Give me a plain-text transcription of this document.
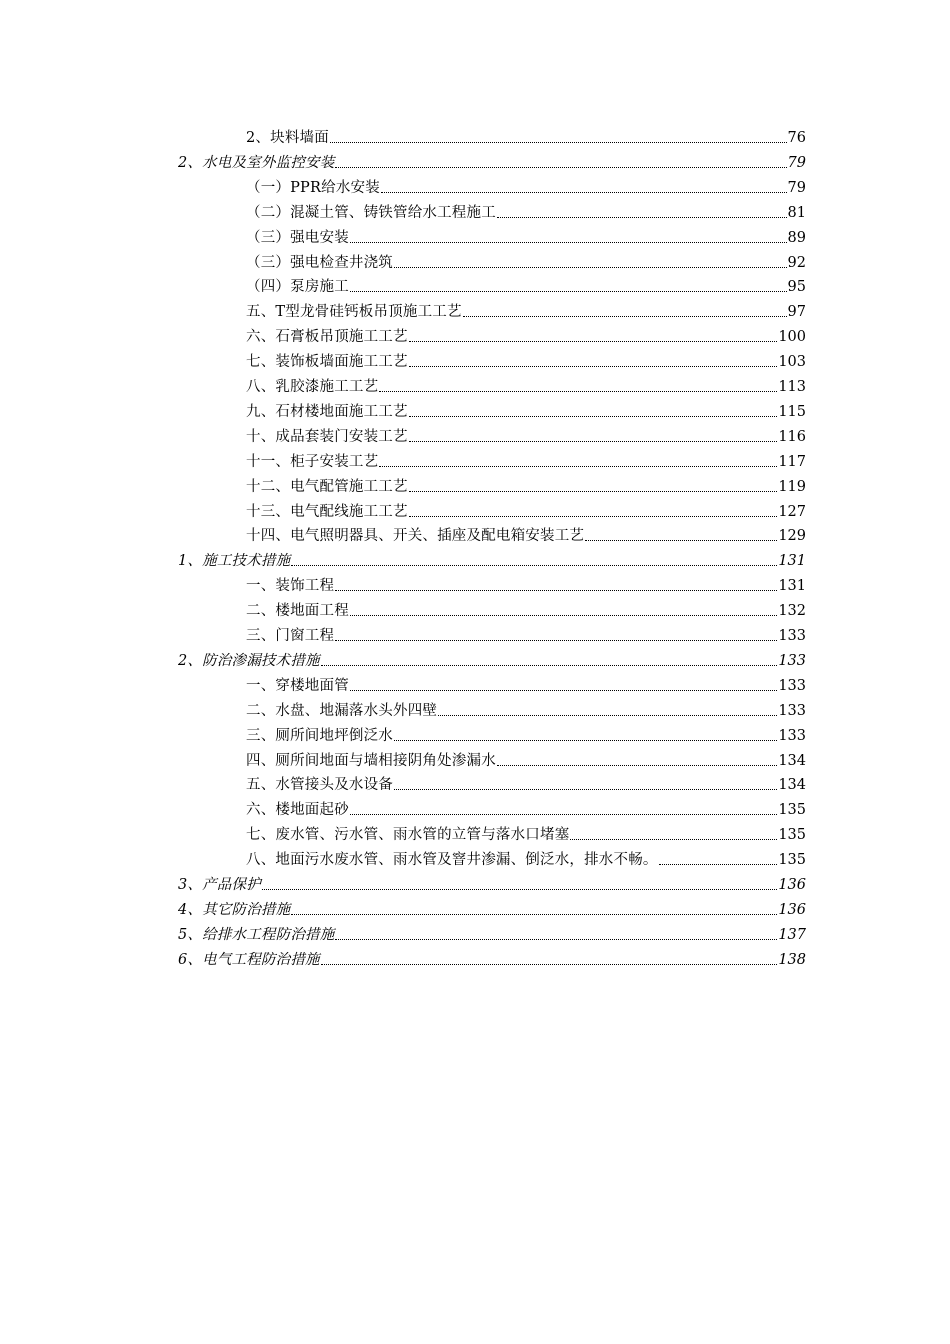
2、块料墙面	76
2、水电及室外监控安装	79
（一）PPR给水安装	79
（二）混凝土管、铸铁管给水工程施工	81
（三）强电安装	89
（三）强电检查井浇筑	92
（四）泵房施工	95
五、T型龙骨硅钙板吊顶施工工艺	97
六、石膏板吊顶施工工艺	100
七、装饰板墙面施工工艺	103
八、乳胶漆施工工艺	113
九、石材楼地面施工工艺	115
十、成品套装门安装工艺	116
十一、柜子安装工艺	117
十二、电气配管施工工艺	119
十三、电气配线施工工艺	127
十四、电气照明器具、开关、插座及配电箱安装工艺	129
1、施工技术措施	131
一、装饰工程	131
二、楼地面工程	132
三、门窗工程	133
2、防治渗漏技术措施	133
一、穿楼地面管	133
二、水盘、地漏落水头外四壁	133
三、厕所间地坪倒泛水	133
四、厕所间地面与墙相接阴角处渗漏水	134
五、水管接头及水设备	134
六、楼地面起砂	135
七、废水管、污水管、雨水管的立管与落水口堵塞	135
八、地面污水废水管、雨水管及窨井渗漏、倒泛水，排水不畅。	135
3、产品保护	136
4、其它防治措施	136
5、给排水工程防治措施	137
6、电气工程防治措施	138
